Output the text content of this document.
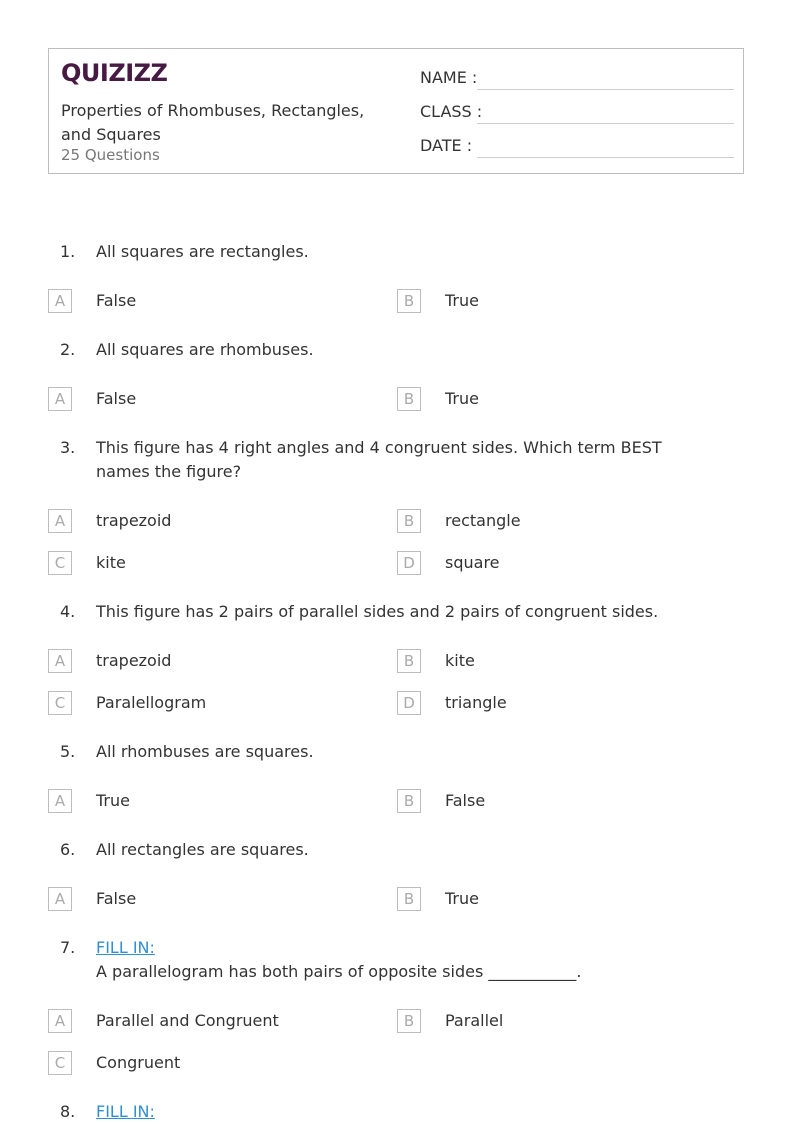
QUIZIZZ
Properties of Rhombuses, Rectangles, and Squares
25 Questions
NAME :
CLASS :
DATE :
1.	All squares are rectangles.
A	False	B	True
2.	All squares are rhombuses.
A	False	B	True
3.	This figure has 4 right angles and 4 congruent sides. Which term BEST names the figure?
A	trapezoid	B	rectangle
C	kite	D	square
4.	This figure has 2 pairs of parallel sides and 2 pairs of congruent sides.
A	trapezoid	B	kite
C	Paralellogram	D	triangle
5.	All rhombuses are squares.
A	True	B	False
6.	All rectangles are squares.
A	False	B	True
7.	FILL IN:
A parallelogram has both pairs of opposite sides ___________.
A	Parallel and Congruent	B	Parallel
C	Congruent
8.	FILL IN:
